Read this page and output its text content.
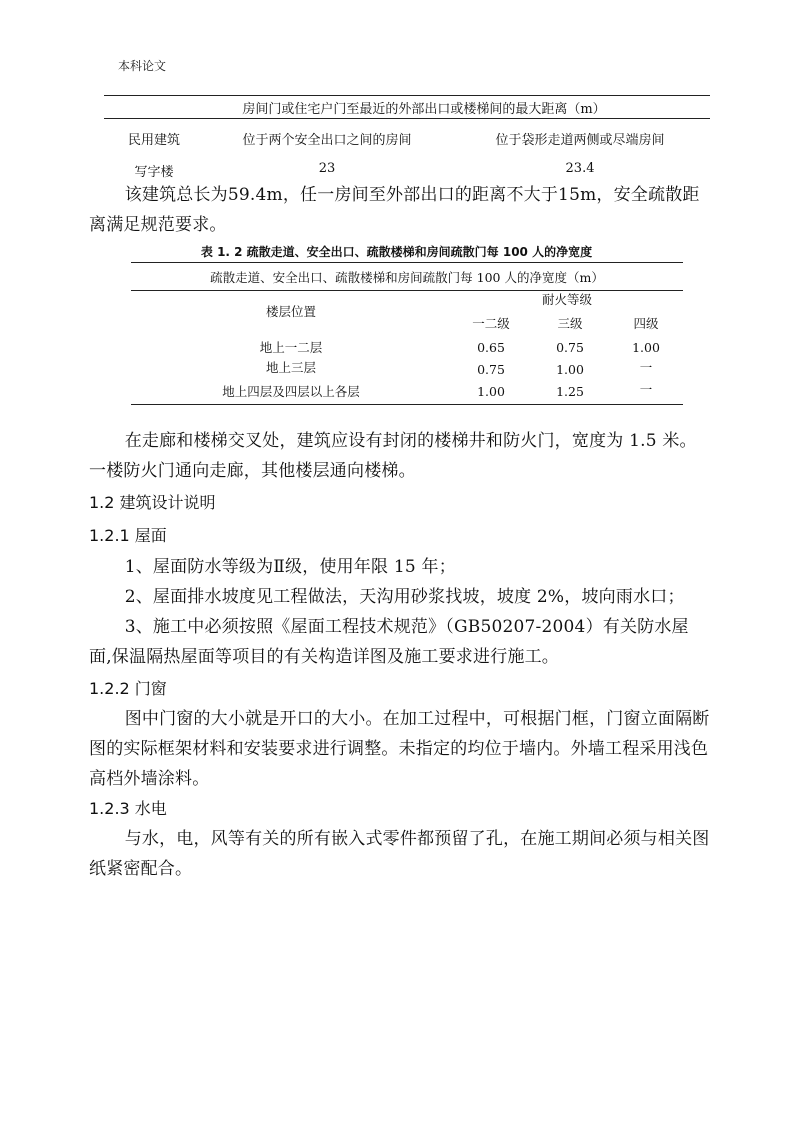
本科论文
房间门或住宅户门至最近的外部出口或楼梯间的最大距离（m）
民用建筑	位于两个安全出口之间的房间	位于袋形走道两侧或尽端房间
写字楼	23	23.4
该建筑总长为59.4m，任一房间至外部出口的距离不大于15m，安全疏散距离满足规范要求。
表 1. 2 疏散走道、安全出口、疏散楼梯和房间疏散门每 100 人的净宽度
疏散走道、安全出口、疏散楼梯和房间疏散门每 100 人的净宽度（m）
楼层位置
耐火等级
一二级	三级	四级
地上一二层	0.65	0.75	1.00
地上三层	0.75	1.00	一
地上四层及四层以上各层	1.00	1.25	一
在走廊和楼梯交叉处，建筑应设有封闭的楼梯井和防火门，宽度为 1.5 米。一楼防火门通向走廊，其他楼层通向楼梯。
1.2 建筑设计说明
1.2.1 屋面
1、屋面防水等级为Ⅱ级，使用年限 15 年；
2、屋面排水坡度见工程做法，天沟用砂浆找坡，坡度 2%，坡向雨水口；
3、施工中必须按照《屋面工程技术规范》（GB50207-2004）有关防水屋面,保温隔热屋面等项目的有关构造详图及施工要求进行施工。
1.2.2 门窗
图中门窗的大小就是开口的大小。在加工过程中，可根据门框，门窗立面隔断图的实际框架材料和安装要求进行调整。未指定的均位于墙内。外墙工程采用浅色高档外墙涂料。
1.2.3 水电
与水，电，风等有关的所有嵌入式零件都预留了孔，在施工期间必须与相关图纸紧密配合。
